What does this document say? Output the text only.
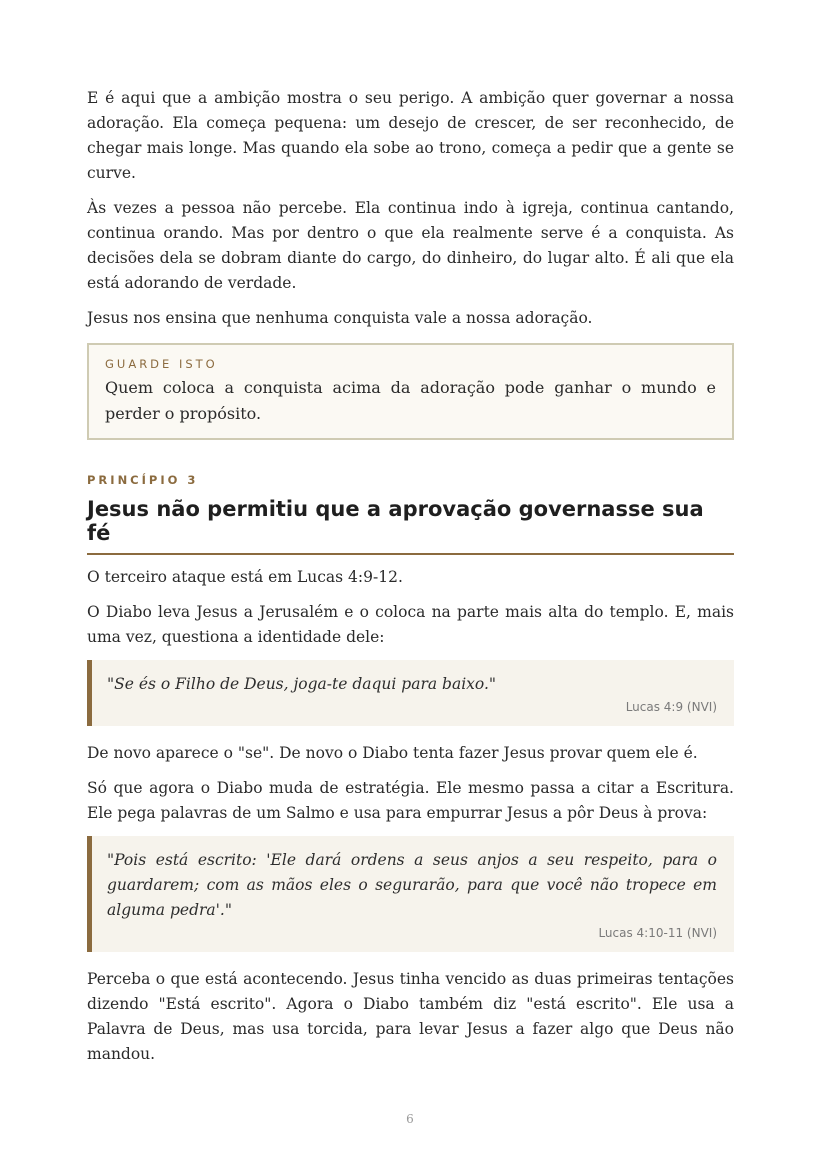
E é aqui que a ambição mostra o seu perigo. A ambição quer governar a nossa adoração. Ela começa pequena: um desejo de crescer, de ser reconhecido, de chegar mais longe. Mas quando ela sobe ao trono, começa a pedir que a gente se curve.

Às vezes a pessoa não percebe. Ela continua indo à igreja, continua cantando, continua orando. Mas por dentro o que ela realmente serve é a conquista. As decisões dela se dobram diante do cargo, do dinheiro, do lugar alto. É ali que ela está adorando de verdade.

Jesus nos ensina que nenhuma conquista vale a nossa adoração.

GUARDE ISTO
Quem coloca a conquista acima da adoração pode ganhar o mundo e perder o propósito.
PRINCÍPIO 3
Jesus não permitiu que a aprovação governasse sua fé

O terceiro ataque está em Lucas 4:9-12.

O Diabo leva Jesus a Jerusalém e o coloca na parte mais alta do templo. E, mais uma vez, questiona a identidade dele:

"Se és o Filho de Deus, joga-te daqui para baixo."
Lucas 4:9 (NVI)

De novo aparece o "se". De novo o Diabo tenta fazer Jesus provar quem ele é.

Só que agora o Diabo muda de estratégia. Ele mesmo passa a citar a Escritura. Ele pega palavras de um Salmo e usa para empurrar Jesus a pôr Deus à prova:

"Pois está escrito: 'Ele dará ordens a seus anjos a seu respeito, para o guardarem; com as mãos eles o segurarão, para que você não tropece em alguma pedra'."
Lucas 4:10-11 (NVI)

Perceba o que está acontecendo. Jesus tinha vencido as duas primeiras tentações dizendo "Está escrito". Agora o Diabo também diz "está escrito". Ele usa a Palavra de Deus, mas usa torcida, para levar Jesus a fazer algo que Deus não mandou.

6
